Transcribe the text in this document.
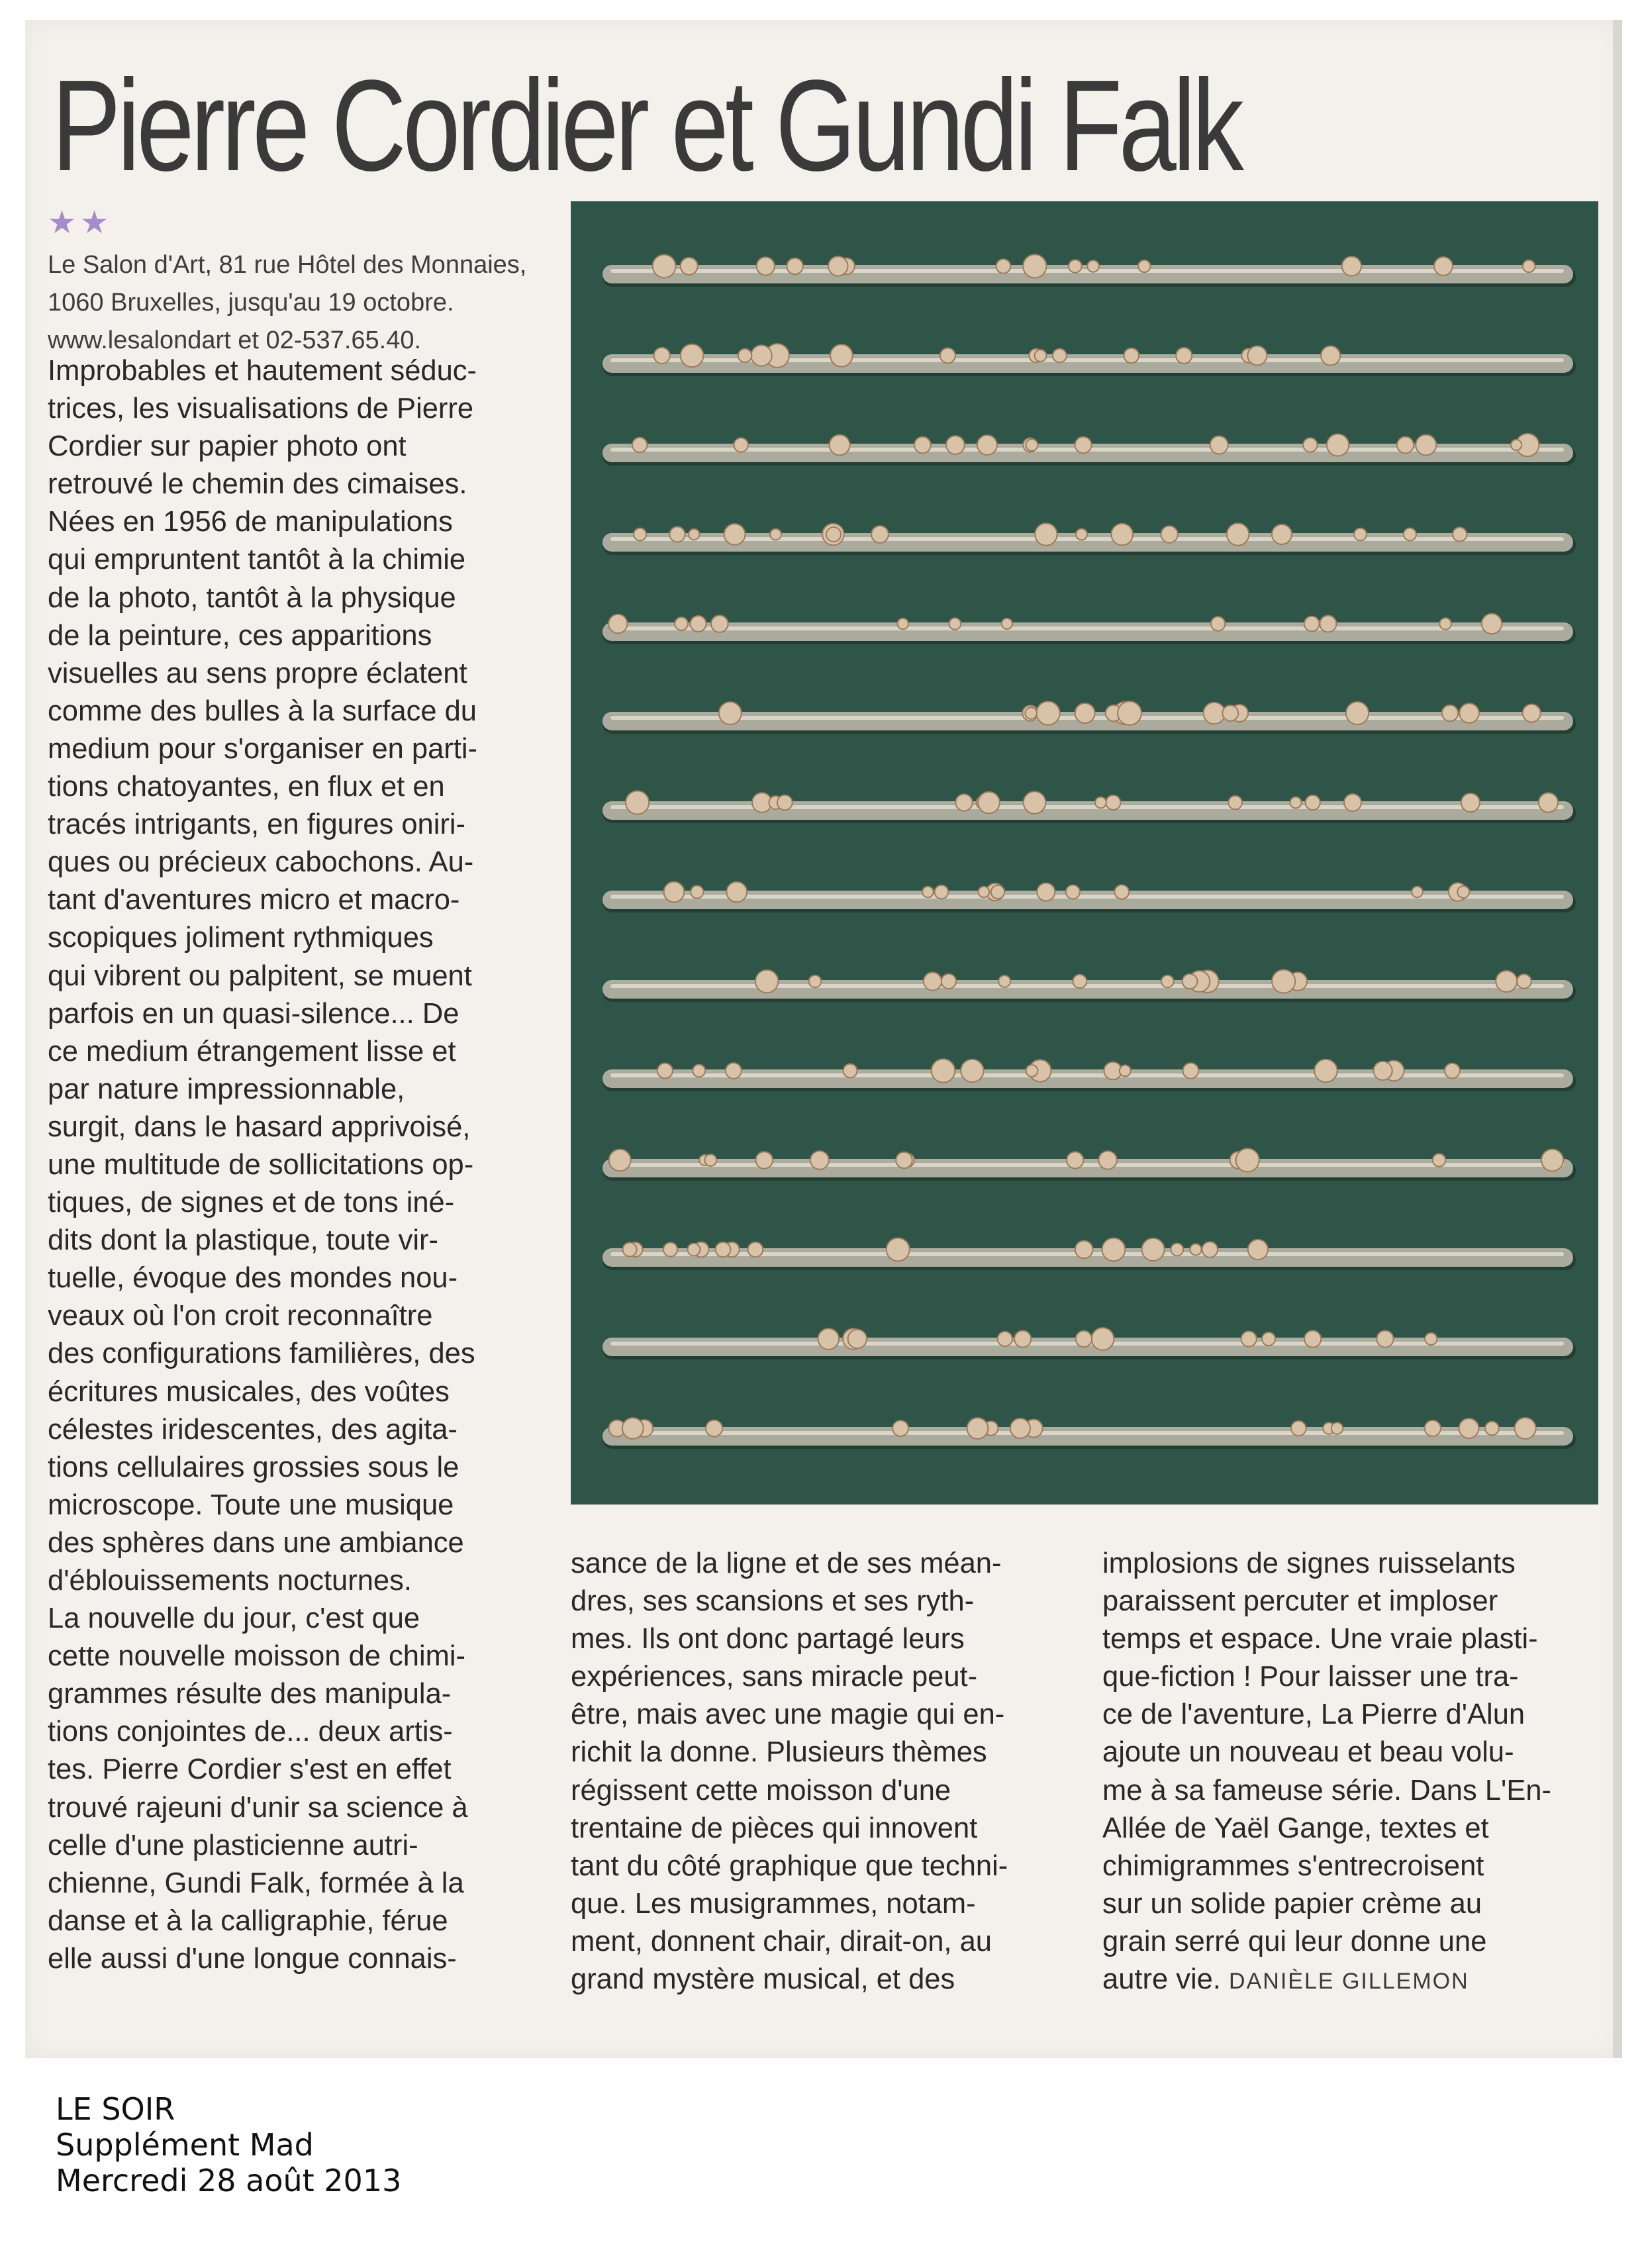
Pierre Cordier et Gundi Falk
★★
Le Salon d'Art, 81 rue Hôtel des Monnaies,
1060 Bruxelles, jusqu'au 19 octobre.
www.lesalondart et 02-537.65.40.
Improbables et hautement séduc-
trices, les visualisations de Pierre
Cordier sur papier photo ont
retrouvé le chemin des cimaises.
Nées en 1956 de manipulations
qui empruntent tantôt à la chimie
de la photo, tantôt à la physique
de la peinture, ces apparitions
visuelles au sens propre éclatent
comme des bulles à la surface du
medium pour s'organiser en parti-
tions chatoyantes, en flux et en
tracés intrigants, en figures oniri-
ques ou précieux cabochons. Au-
tant d'aventures micro et macro-
scopiques joliment rythmiques
qui vibrent ou palpitent, se muent
parfois en un quasi-silence... De
ce medium étrangement lisse et
par nature impressionnable,
surgit, dans le hasard apprivoisé,
une multitude de sollicitations op-
tiques, de signes et de tons iné-
dits dont la plastique, toute vir-
tuelle, évoque des mondes nou-
veaux où l'on croit reconnaître
des configurations familières, des
écritures musicales, des voûtes
célestes iridescentes, des agita-
tions cellulaires grossies sous le
microscope. Toute une musique
des sphères dans une ambiance
d'éblouissements nocturnes.
La nouvelle du jour, c'est que
cette nouvelle moisson de chimi-
grammes résulte des manipula-
tions conjointes de... deux artis-
tes. Pierre Cordier s'est en effet
trouvé rajeuni d'unir sa science à
celle d'une plasticienne autri-
chienne, Gundi Falk, formée à la
danse et à la calligraphie, férue
elle aussi d'une longue connais-
sance de la ligne et de ses méan-
dres, ses scansions et ses ryth-
mes. Ils ont donc partagé leurs
expériences, sans miracle peut-
être, mais avec une magie qui en-
richit la donne. Plusieurs thèmes
régissent cette moisson d'une
trentaine de pièces qui innovent
tant du côté graphique que techni-
que. Les musigrammes, notam-
ment, donnent chair, dirait-on, au
grand mystère musical, et des
implosions de signes ruisselants
paraissent percuter et imploser
temps et espace. Une vraie plasti-
que-fiction ! Pour laisser une tra-
ce de l'aventure, La Pierre d'Alun
ajoute un nouveau et beau volu-
me à sa fameuse série. Dans L'En-
Allée de Yaël Gange, textes et
chimigrammes s'entrecroisent
sur un solide papier crème au
grain serré qui leur donne une
autre vie. DANIÈLE GILLEMON
LE SOIR
Supplément Mad
Mercredi 28 août 2013
